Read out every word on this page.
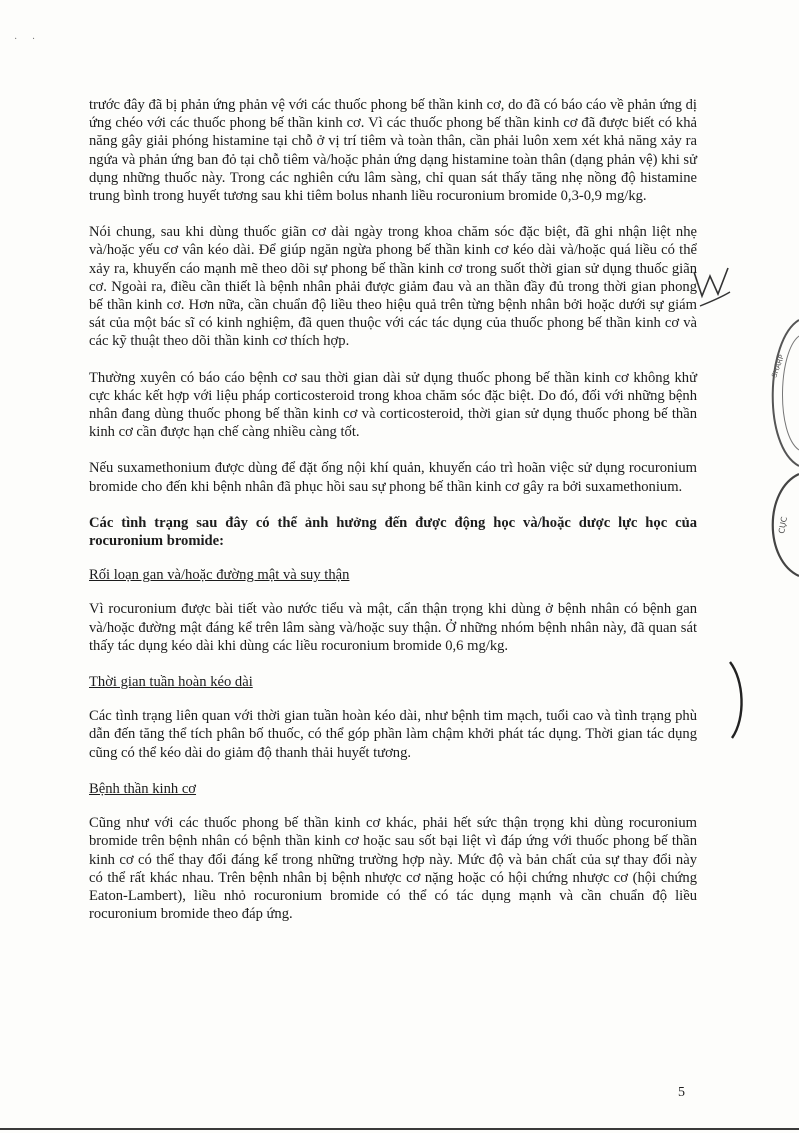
· ·

trước đây đã bị phản ứng phản vệ với các thuốc phong bế thần kinh cơ, do đã có báo cáo về phản ứng dị ứng chéo với các thuốc phong bế thần kinh cơ. Vì các thuốc phong bế thần kinh cơ đã được biết có khả năng gây giải phóng histamine tại chỗ ở vị trí tiêm và toàn thân, cần phải luôn xem xét khả năng xảy ra ngứa và phản ứng ban đỏ tại chỗ tiêm và/hoặc phản ứng dạng histamine toàn thân (dạng phản vệ) khi sử dụng những thuốc này. Trong các nghiên cứu lâm sàng, chỉ quan sát thấy tăng nhẹ nồng độ histamine trung bình trong huyết tương sau khi tiêm bolus nhanh liều rocuronium bromide 0,3-0,9 mg/kg.

Nói chung, sau khi dùng thuốc giãn cơ dài ngày trong khoa chăm sóc đặc biệt, đã ghi nhận liệt nhẹ và/hoặc yếu cơ vân kéo dài. Để giúp ngăn ngừa phong bế thần kinh cơ kéo dài và/hoặc quá liều có thể xảy ra, khuyến cáo mạnh mẽ theo dõi sự phong bế thần kinh cơ trong suốt thời gian sử dụng thuốc giãn cơ. Ngoài ra, điều cần thiết là bệnh nhân phải được giảm đau và an thần đầy đủ trong thời gian phong bế thần kinh cơ. Hơn nữa, cần chuẩn độ liều theo hiệu quả trên từng bệnh nhân bởi hoặc dưới sự giám sát của một bác sĩ có kinh nghiệm, đã quen thuộc với các tác dụng của thuốc phong bế thần kinh cơ và các kỹ thuật theo dõi thần kinh cơ thích hợp.

Thường xuyên có báo cáo bệnh cơ sau thời gian dài sử dụng thuốc phong bế thần kinh cơ không khử cực khác kết hợp với liệu pháp corticosteroid trong khoa chăm sóc đặc biệt. Do đó, đối với những bệnh nhân đang dùng thuốc phong bế thần kinh cơ và corticosteroid, thời gian sử dụng thuốc phong bế thần kinh cơ cần được hạn chế càng nhiều càng tốt.

Nếu suxamethonium được dùng để đặt ống nội khí quản, khuyến cáo trì hoãn việc sử dụng rocuronium bromide cho đến khi bệnh nhân đã phục hồi sau sự phong bế thần kinh cơ gây ra bởi suxamethonium.

Các tình trạng sau đây có thể ảnh hưởng đến được động học và/hoặc dược lực học của rocuronium bromide:

Rối loạn gan và/hoặc đường mật và suy thận

Vì rocuronium được bài tiết vào nước tiểu và mật, cẩn thận trọng khi dùng ở bệnh nhân có bệnh gan và/hoặc đường mật đáng kể trên lâm sàng và/hoặc suy thận. Ở những nhóm bệnh nhân này, đã quan sát thấy tác dụng kéo dài khi dùng các liều rocuronium bromide 0,6 mg/kg.

Thời gian tuần hoàn kéo dài

Các tình trạng liên quan với thời gian tuần hoàn kéo dài, như bệnh tim mạch, tuổi cao và tình trạng phù dẫn đến tăng thể tích phân bố thuốc, có thể góp phần làm chậm khởi phát tác dụng. Thời gian tác dụng cũng có thể kéo dài do giảm độ thanh thải huyết tương.

Bệnh thần kinh cơ

Cũng như với các thuốc phong bế thần kinh cơ khác, phải hết sức thận trọng khi dùng rocuronium bromide trên bệnh nhân có bệnh thần kinh cơ hoặc sau sốt bại liệt vì đáp ứng với thuốc phong bế thần kinh cơ có thể thay đổi đáng kể trong những trường hợp này. Mức độ và bản chất của sự thay đổi này có thể rất khác nhau. Trên bệnh nhân bị bệnh nhược cơ nặng hoặc có hội chứng nhược cơ (hội chứng Eaton-Lambert), liều nhỏ rocuronium bromide có thể có tác dụng mạnh và cần chuẩn độ liều rocuronium bromide theo đáp ứng.

SHARP
CỤC
5
